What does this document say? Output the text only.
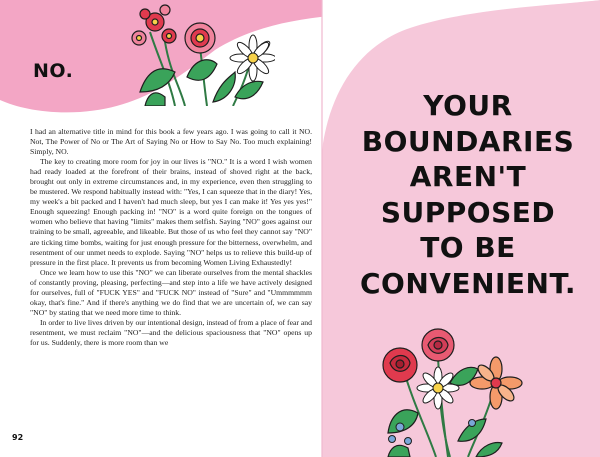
NO.

I had an alternative title in mind for this book a few years ago. I was going to call it NO. Not, The Power of No or The Art of Saying No or How to Say No. Too much explaining! Simply, NO.

The key to creating more room for joy in our lives is "NO." It is a word I wish women had ready loaded at the forefront of their brains, instead of shoved right at the back, brought out only in extreme circumstances and, in my experience, even then struggling to be mustered. We respond habitually instead with: "Yes, I can squeeze that in the diary! Yes, my week's a bit packed and I haven't had much sleep, but yes I can make it! Yes yes yes!" Enough squeezing! Enough packing in! "NO" is a word quite foreign on the tongues of women who believe that having "limits" makes them selfish. Saying "NO" goes against our training to be small, agreeable, and likeable. But those of us who feel they cannot say "NO" are ticking time bombs, waiting for just enough pressure for the bitterness, overwhelm, and resentment of our unmet needs to explode. Saying "NO" helps us to relieve this build-up of pressure in the first place. It prevents us from becoming Women Living Exhaustedly!

Once we learn how to use this "NO" we can liberate ourselves from the mental shackles of constantly proving, pleasing, perfecting—and step into a life we have actively designed for ourselves, full of "FUCK YES" and "FUCK NO" instead of "Sure" and "Ummmmmm okay, that's fine." And if there's anything we do find that we are uncertain of, we can say "NO" by stating that we need more time to think.

In order to live lives driven by our intentional design, instead of from a place of fear and resentment, we must reclaim "NO"—and the delicious spaciousness that "NO" opens up for us. Suddenly, there is more room than we

92
YOUR
BOUNDARIES
AREN'T
SUPPOSED
TO BE
CONVENIENT.
